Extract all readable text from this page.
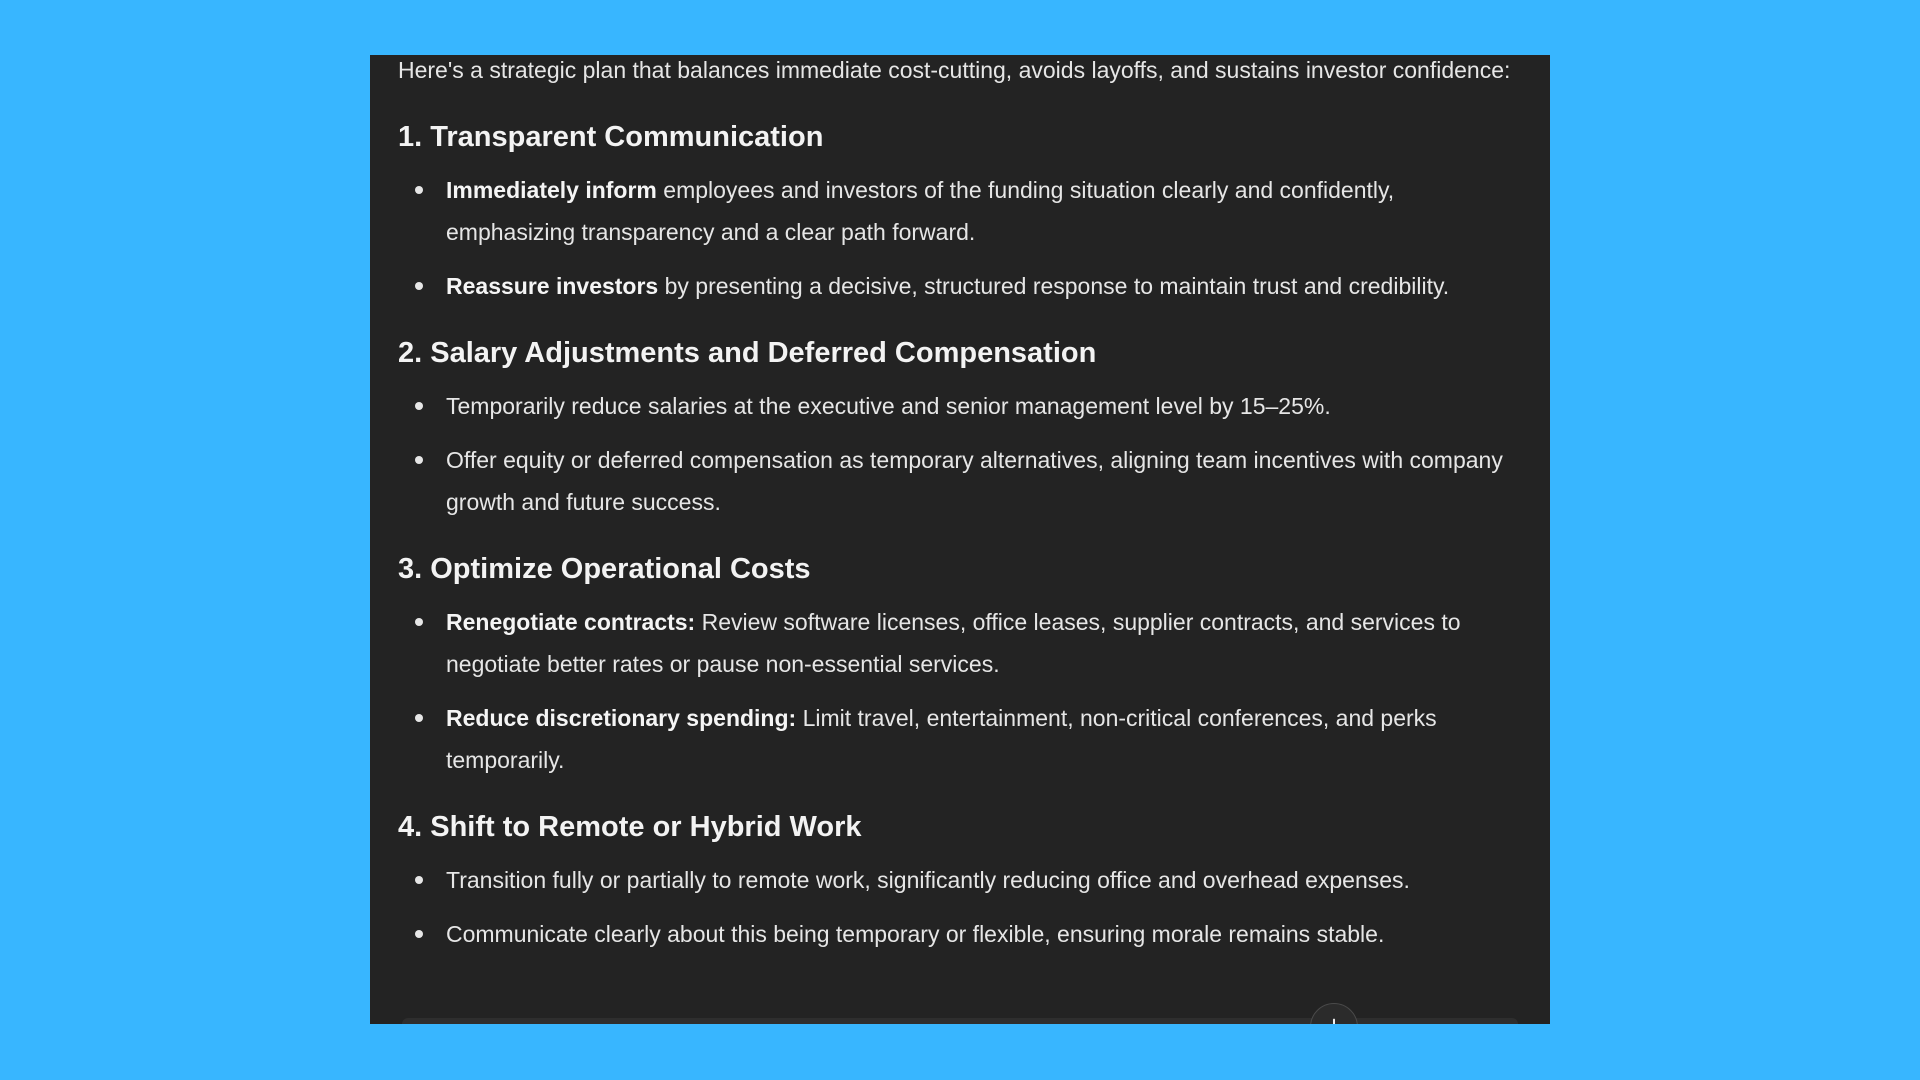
Here's a strategic plan that balances immediate cost-cutting, avoids layoffs, and sustains investor confidence:

1. Transparent Communication
Immediately inform employees and investors of the funding situation clearly and confidently, emphasizing transparency and a clear path forward.
Reassure investors by presenting a decisive, structured response to maintain trust and credibility.
2. Salary Adjustments and Deferred Compensation
Temporarily reduce salaries at the executive and senior management level by 15–25%.
Offer equity or deferred compensation as temporary alternatives, aligning team incentives with company growth and future success.
3. Optimize Operational Costs
Renegotiate contracts: Review software licenses, office leases, supplier contracts, and services to negotiate better rates or pause non-essential services.
Reduce discretionary spending: Limit travel, entertainment, non-critical conferences, and perks temporarily.
4. Shift to Remote or Hybrid Work
Transition fully or partially to remote work, significantly reducing office and overhead expenses.
Communicate clearly about this being temporary or flexible, ensuring morale remains stable.
